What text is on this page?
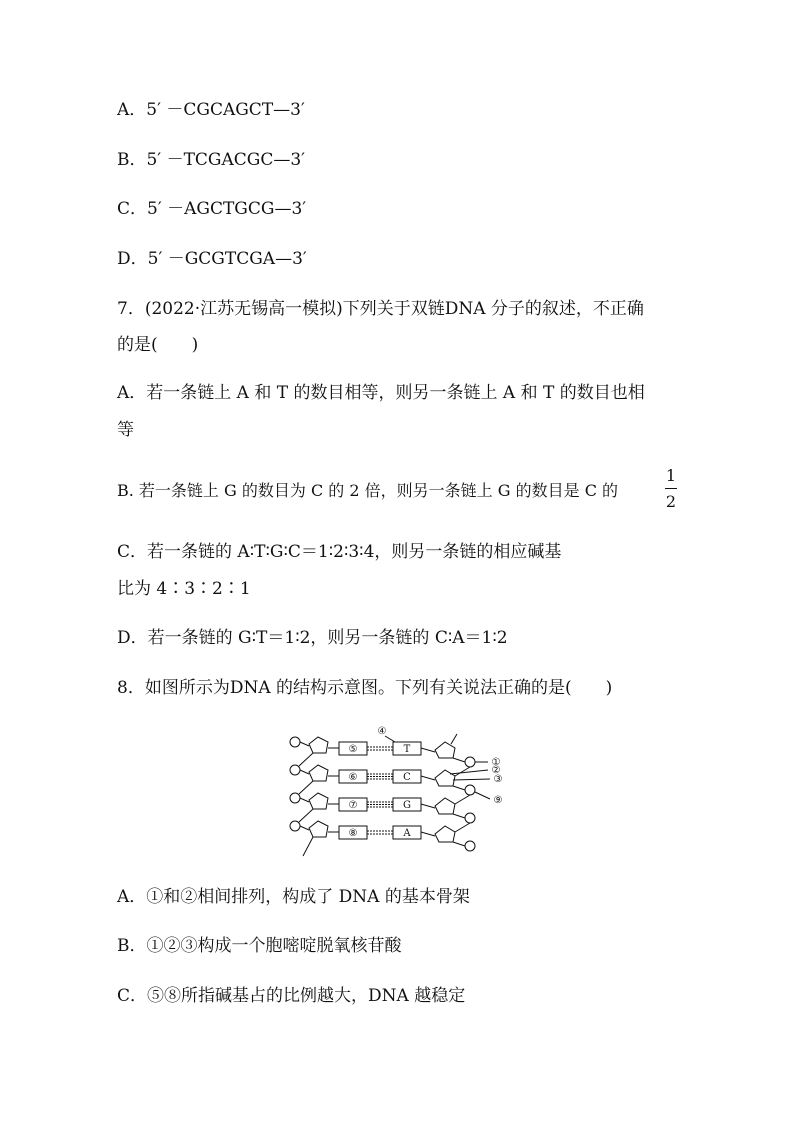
A．5′ －CGCAGCT—3′
B．5′ －TCGACGC—3′
C．5′ －AGCTGCG—3′
D．5′ －GCGTCGA—3′
7．(2022·江苏无锡高一模拟)下列关于双链DNA 分子的叙述，不正确
的是(　　)
A．若一条链上 A 和 T 的数目相等，则另一条链上 A 和 T 的数目也相
等
B. 若一条链上 G 的数目为 C 的 2 倍，则另一条链上 G 的数目是 C 的
1
2
C．若一条链的 A∶T∶G∶C＝1∶2∶3∶4，则另一条链的相应碱基
比为 4∶3∶2∶1
D．若一条链的 G∶T＝1∶2，则另一条链的 C∶A＝1∶2
8．如图所示为DNA 的结构示意图。下列有关说法正确的是(　　)
⑤
⑥
⑦
⑧
T
C
G
A
④
①
②
③
⑨
A．①和②相间排列，构成了 DNA 的基本骨架
B．①②③构成一个胞嘧啶脱氧核苷酸
C．⑤⑧所指碱基占的比例越大，DNA 越稳定
